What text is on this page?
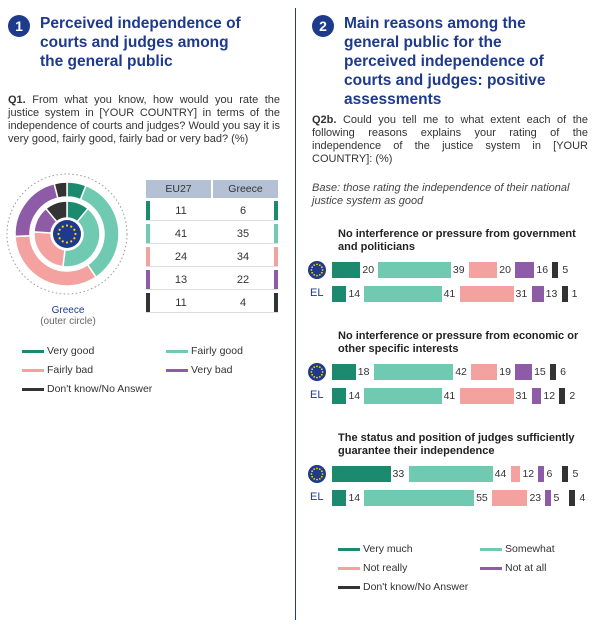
1	Perceived independence of courts and judges among the general public
Q1. From what you know, how would you rate the justice system in [YOUR COUNTRY] in terms of the independence of courts and judges? Would you say it is very good, fairly good, fairly bad or very bad? (%)
Greece
(outer circle)
EU27	Greece
11	6
41	35
24	34
13	22
11	4
Very good	Fairly good
Fairly bad	Very bad
Don't know/No Answer
2	Main reasons among the general public for the perceived independence of courts and judges: positive assessments
Q2b. Could you tell me to what extent each of the following reasons explains your rating of the independence of the justice system in [YOUR COUNTRY]: (%)
Base: those rating the independence of their national justice system as good
No interference or pressure from government and politicians
20	39	20 16 5
EL 14	41	31 13 1
No interference or pressure from economic or other specific interests
18	42	19 15 6
EL 14	41	31 12 2
The status and position of judges sufficiently guarantee their independence
33	44 12 6 5
EL 14	55	23 5 4
Very much	Somewhat
Not really	Not at all
Don't know/No Answer
